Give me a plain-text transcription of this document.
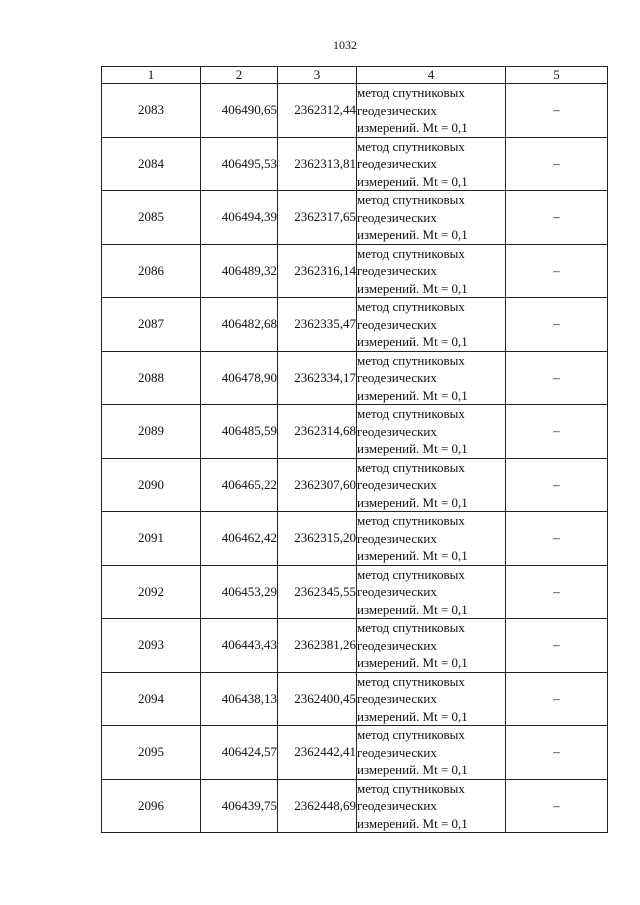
1032
1	2	3	4	5
2083	406490,65	2362312,44	метод спутниковых
геодезических
измерений. Mt = 0,1	–
2084	406495,53	2362313,81	метод спутниковых
геодезических
измерений. Mt = 0,1	–
2085	406494,39	2362317,65	метод спутниковых
геодезических
измерений. Mt = 0,1	–
2086	406489,32	2362316,14	метод спутниковых
геодезических
измерений. Mt = 0,1	–
2087	406482,68	2362335,47	метод спутниковых
геодезических
измерений. Mt = 0,1	–
2088	406478,90	2362334,17	метод спутниковых
геодезических
измерений. Mt = 0,1	–
2089	406485,59	2362314,68	метод спутниковых
геодезических
измерений. Mt = 0,1	–
2090	406465,22	2362307,60	метод спутниковых
геодезических
измерений. Mt = 0,1	–
2091	406462,42	2362315,20	метод спутниковых
геодезических
измерений. Mt = 0,1	–
2092	406453,29	2362345,55	метод спутниковых
геодезических
измерений. Mt = 0,1	–
2093	406443,43	2362381,26	метод спутниковых
геодезических
измерений. Mt = 0,1	–
2094	406438,13	2362400,45	метод спутниковых
геодезических
измерений. Mt = 0,1	–
2095	406424,57	2362442,41	метод спутниковых
геодезических
измерений. Mt = 0,1	–
2096	406439,75	2362448,69	метод спутниковых
геодезических
измерений. Mt = 0,1	–
